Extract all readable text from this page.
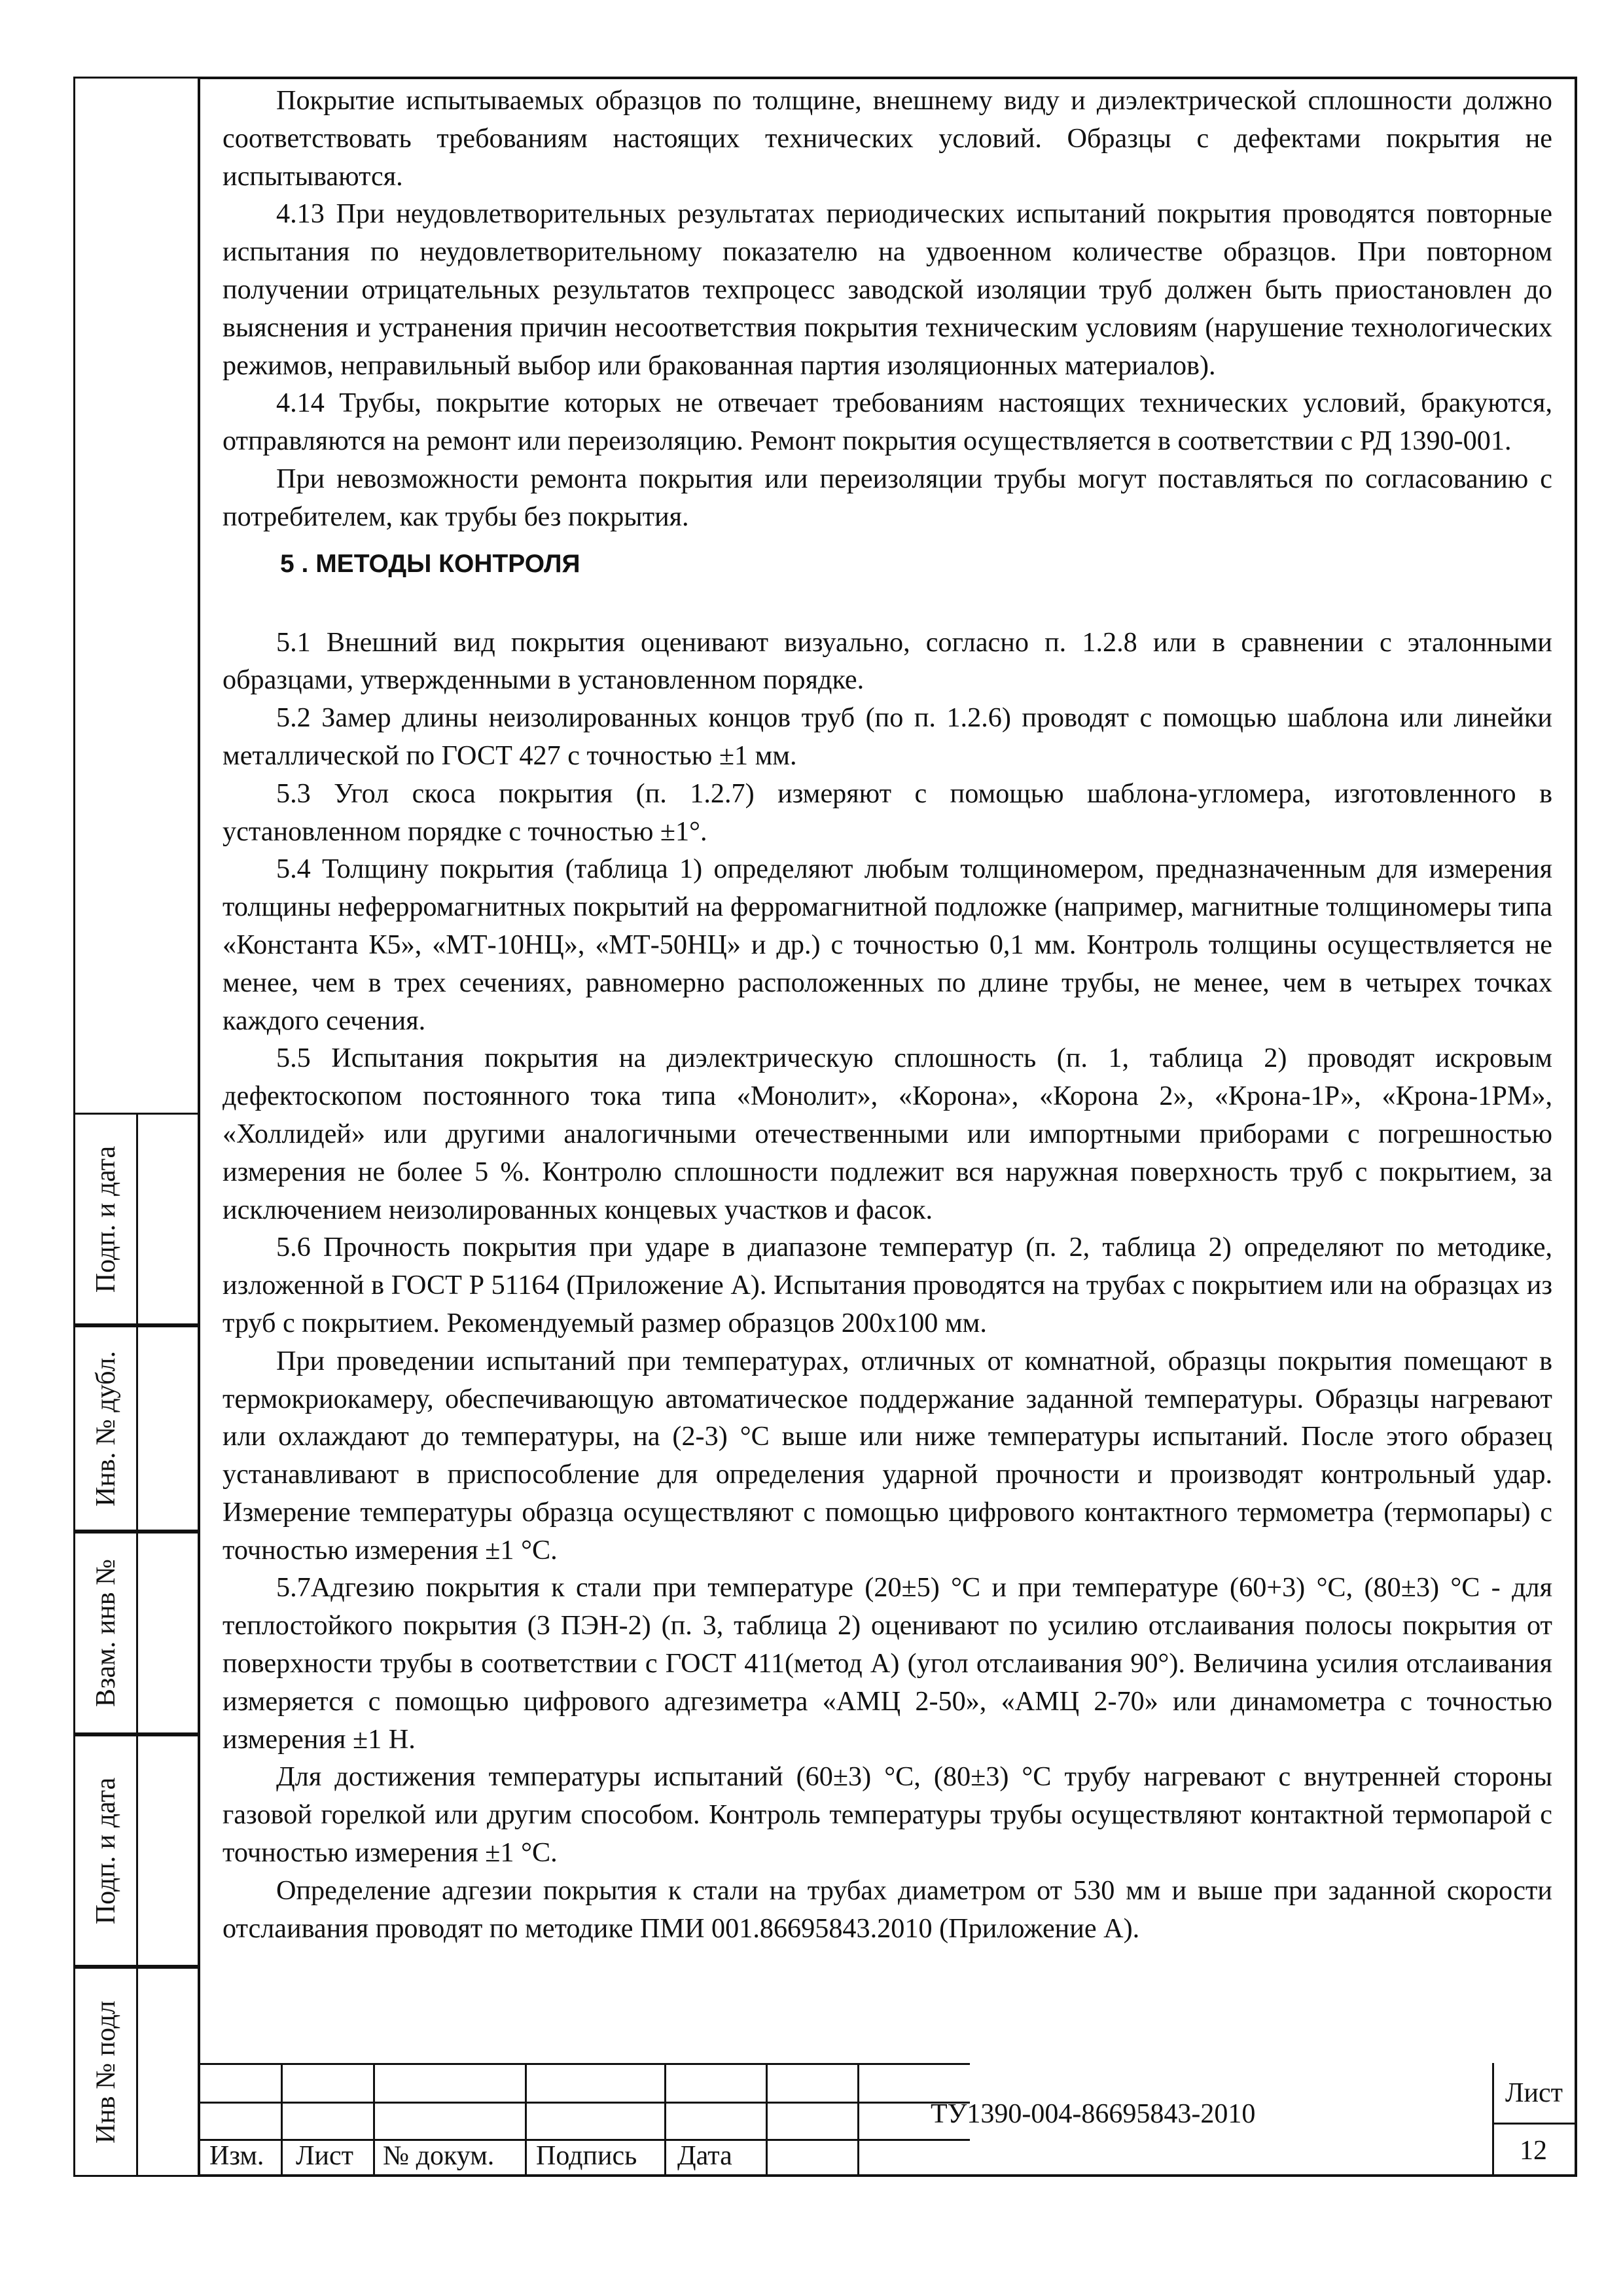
Подп. и дата
Инв. № дубл.
Взам. инв №
Подп. и дата
Инв № подл

Покрытие испытываемых образцов по толщине, внешнему виду и диэлектрической сплошности должно соответствовать требованиям настоящих технических условий. Образцы с дефектами покрытия не испытываются.

4.13 При неудовлетворительных результатах периодических испытаний покрытия проводятся повторные испытания по неудовлетворительному показателю на удвоенном количестве образцов. При повторном получении отрицательных результатов техпроцесс заводской изоляции труб должен быть приостановлен до выяснения и устранения причин несоответствия покрытия техническим условиям (нарушение технологических режимов, неправильный выбор или бракованная партия изоляционных материалов).

4.14 Трубы, покрытие которых не отвечает требованиям настоящих технических условий, бракуются, отправляются на ремонт или переизоляцию. Ремонт покрытия осуществляется в соответствии с РД 1390-001.

При невозможности ремонта покрытия или переизоляции трубы могут поставляться по согласованию с потребителем, как трубы без покрытия.

5 . МЕТОДЫ КОНТРОЛЯ

5.1 Внешний вид покрытия оценивают визуально, согласно п. 1.2.8 или в сравнении с эталонными образцами, утвержденными в установленном порядке.

5.2 Замер длины неизолированных концов труб (по п. 1.2.6) проводят с помощью шаблона или линейки металлической по ГОСТ 427 с точностью ±1 мм.

5.3 Угол скоса покрытия (п. 1.2.7) измеряют с помощью шаблона-угломера, изготовленного в установленном порядке с точностью ±1°.

5.4 Толщину покрытия (таблица 1) определяют любым толщиномером, предназначенным для измерения толщины неферромагнитных покрытий на ферромагнитной подложке (например, магнитные толщиномеры типа «Константа К5», «МТ-10НЦ», «МТ-50НЦ» и др.) с точностью 0,1 мм. Контроль толщины осуществляется не менее, чем в трех сечениях, равномерно расположенных по длине трубы, не менее, чем в четырех точках каждого сечения.

5.5 Испытания покрытия на диэлектрическую сплошность (п. 1, таблица 2) проводят искровым дефектоскопом постоянного тока типа «Монолит», «Корона», «Корона 2», «Крона-1Р», «Крона-1РМ», «Холлидей» или другими аналогичными отечественными или импортными приборами с погрешностью измерения не более 5 %. Контролю сплошности подлежит вся наружная поверхность труб с покрытием, за исключением неизолированных концевых участков и фасок.

5.6 Прочность покрытия при ударе в диапазоне температур (п. 2, таблица 2) определяют по методике, изложенной в ГОСТ Р 51164 (Приложение А). Испытания проводятся на трубах с покрытием или на образцах из труб с покрытием. Рекомендуемый размер образцов 200х100 мм.

При проведении испытаний при температурах, отличных от комнатной, образцы покрытия помещают в термокриокамеру, обеспечивающую автоматическое поддержание заданной температуры. Образцы нагревают или охлаждают до температуры, на (2-3) °С выше или ниже температуры испытаний. После этого образец устанавливают в приспособление для определения ударной прочности и производят контрольный удар. Измерение температуры образца осуществляют с помощью цифрового контактного термометра (термопары) с точностью измерения ±1 °С.

5.7Адгезию покрытия к стали при температуре (20±5) °С и при температуре (60+3) °С, (80±3) °С - для теплостойкого покрытия (3 ПЭН-2) (п. 3, таблица 2) оценивают по усилию отслаивания полосы покрытия от поверхности трубы в соответствии с ГОСТ 411(метод А) (угол отслаивания 90°). Величина усилия отслаивания измеряется с помощью цифрового адгезиметра «АМЦ 2-50», «АМЦ 2-70» или динамометра с точностью измерения ±1 Н.

Для достижения температуры испытаний (60±3) °С, (80±3) °С трубу нагревают с внутренней стороны газовой горелкой или другим способом. Контроль температуры трубы осуществляют контактной термопарой с точностью измерения ±1 °С.

Определение адгезии покрытия к стали на трубах диаметром от 530 мм и выше при заданной скорости отслаивания проводят по методике ПМИ 001.86695843.2010 (Приложение А).

Изм. Лист № докум. Подпись Дата
ТУ1390-004-86695843-2010
Лист
12
